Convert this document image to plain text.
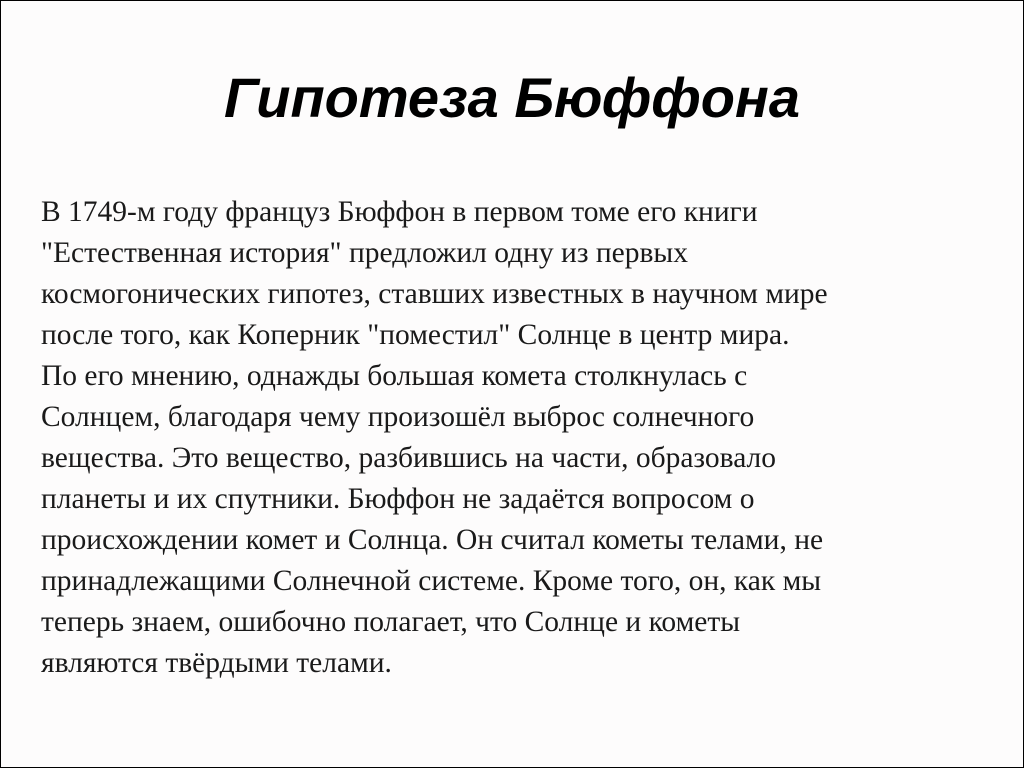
Гипотеза Бюффона
В 1749-м году француз Бюффон в первом томе его книги
"Естественная история" предложил одну из первых
космогонических гипотез, ставших известных в научном мире
после того, как Коперник "поместил" Солнце в центр мира.
По его мнению, однажды большая комета столкнулась с
Солнцем, благодаря чему произошёл выброс солнечного
вещества. Это вещество, разбившись на части, образовало
планеты и их спутники. Бюффон не задаётся вопросом о
происхождении комет и Солнца. Он считал кометы телами, не
принадлежащими Солнечной системе. Кроме того, он, как мы
теперь знаем, ошибочно полагает, что Солнце и кометы
являются твёрдыми телами.
